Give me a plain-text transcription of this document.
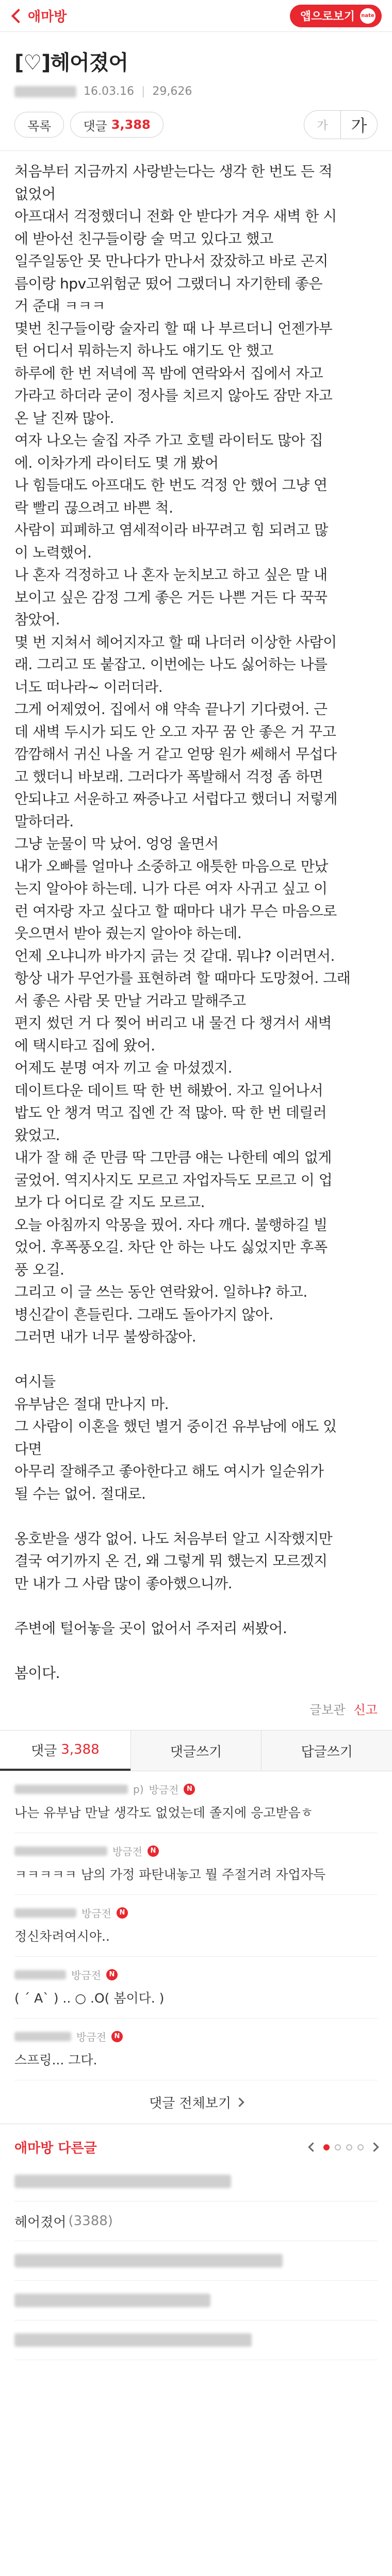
애마방	앱으로보기 nate
[♡]헤어졌어
16.03.16 | 29,626
목록	댓글 3,388	가	가
처음부터 지금까지 사랑받는다는 생각 한 번도 든 적
없었어
아프대서 걱정했더니 전화 안 받다가 겨우 새벽 한 시
에 받아선 친구들이랑 술 먹고 있다고 했고
일주일동안 못 만나다가 만나서 잤잤하고 바로 곤지
름이랑 hpv고위험군 떴어 그랬더니 자기한테 좋은
거 준대 ㅋㅋㅋ
몇번 친구들이랑 술자리 할 때 나 부르더니 언젠가부
턴 어디서 뭐하는지 하나도 얘기도 안 했고
하루에 한 번 저녁에 꼭 밤에 연락와서 집에서 자고
가라고 하더라 굳이 정사를 치르지 않아도 잠만 자고
온 날 진짜 많아.
여자 나오는 술집 자주 가고 호텔 라이터도 많아 집
에. 이차가게 라이터도 몇 개 봤어
나 힘들대도 아프대도 한 번도 걱정 안 했어 그냥 연
락 빨리 끊으려고 바쁜 척.
사람이 피폐하고 염세적이라 바꾸려고 힘 되려고 많
이 노력했어.
나 혼자 걱정하고 나 혼자 눈치보고 하고 싶은 말 내
보이고 싶은 감정 그게 좋은 거든 나쁜 거든 다 꾹꾹
참았어.
몇 번 지쳐서 헤어지자고 할 때 나더러 이상한 사람이
래. 그리고 또 붙잡고. 이번에는 나도 싫어하는 나를
너도 떠나라~ 이러더라.
그게 어제였어. 집에서 얘 약속 끝나기 기다렸어. 근
데 새벽 두시가 되도 안 오고 자꾸 꿈 안 좋은 거 꾸고
깜깜해서 귀신 나올 거 같고 얻땅 원가 쎄해서 무섭다
고 했더니 바보래. 그러다가 폭발해서 걱정 좀 하면
안되냐고 서운하고 짜증나고 서럽다고 했더니 저렇게
말하더라.
그냥 눈물이 막 났어. 엉엉 울면서
내가 오빠를 얼마나 소중하고 애틋한 마음으로 만났
는지 알아야 하는데. 니가 다른 여자 사귀고 싶고 이
런 여자랑 자고 싶다고 할 때마다 내가 무슨 마음으로
웃으면서 받아 줬는지 알아야 하는데.
언제 오냐니까 바가지 긁는 것 같대. 뭐냐? 이러면서.
항상 내가 무언가를 표현하려 할 때마다 도망쳤어. 그래
서 좋은 사람 못 만날 거라고 말해주고
편지 썼던 거 다 찢어 버리고 내 물건 다 챙겨서 새벽
에 택시타고 집에 왔어.
어제도 분명 여자 끼고 술 마셨겠지.
데이트다운 데이트 딱 한 번 해봤어. 자고 일어나서
밥도 안 챙겨 먹고 집엔 간 적 많아. 딱 한 번 데릴러
왔었고.
내가 잘 해 준 만큼 딱 그만큼 얘는 나한테 예의 없게
굴었어. 역지사지도 모르고 자업자득도 모르고 이 업
보가 다 어디로 갈 지도 모르고.
오늘 아침까지 악몽을 꿨어. 자다 깨다. 불행하길 빌
었어. 후폭풍오길. 차단 안 하는 나도 싫었지만 후폭
풍 오길.
그리고 이 글 쓰는 동안 연락왔어. 일하냐? 하고.
병신같이 흔들린다. 그래도 돌아가지 않아.
그러면 내가 너무 불쌍하잖아.
여시들
유부남은 절대 만나지 마.
그 사람이 이혼을 했던 별거 중이건 유부남에 애도 있
다면
아무리 잘해주고 좋아한다고 해도 여시가 일순위가
될 수는 없어. 절대로.
옹호받을 생각 없어. 나도 처음부터 알고 시작했지만
결국 여기까지 온 건, 왜 그렇게 뭐 했는지 모르겠지
만 내가 그 사람 많이 좋아했으니까.
주변에 털어놓을 곳이 없어서 주저리 써봤어.
봄이다.
글보관 신고
댓글 3,388	댓글쓰기	답글쓰기
p) 방금전	N
나는 유부남 만날 생각도 없었는데 졸지에 응고받음ㅎ
방금전	N
ㅋㅋㅋㅋㅋ 남의 가정 파탄내놓고 뭘 주절거려 자업자득
방금전	N
정신차려여시야..
방금전	N
( ´ A` ) .. ○ .O( 봄이다. )
방금전	N
스프링... 그다.
댓글 전체보기
애마방 다른글
헤어졌어 (3388)
